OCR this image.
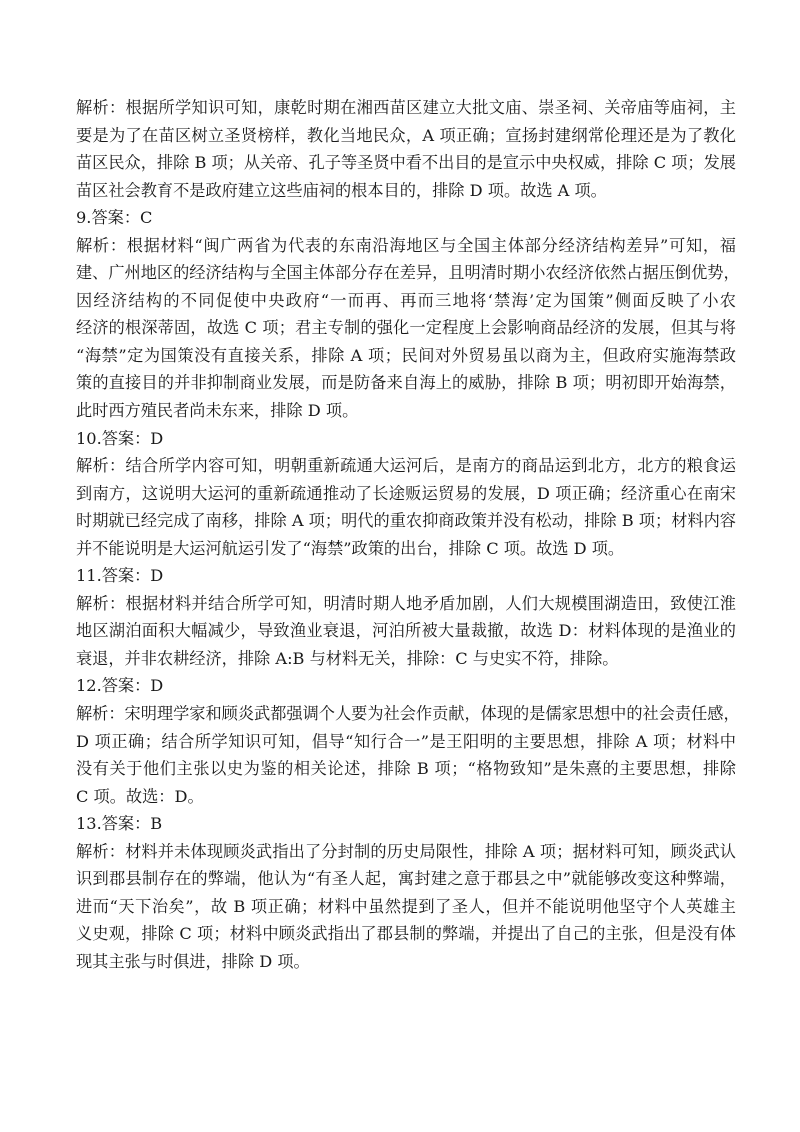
解析：根据所学知识可知，康乾时期在湘西苗区建立大批文庙、崇圣祠、关帝庙等庙祠，主
要是为了在苗区树立圣贤榜样，教化当地民众，A 项正确；宣扬封建纲常伦理还是为了教化
苗区民众，排除 B 项；从关帝、孔子等圣贤中看不出目的是宣示中央权威，排除 C 项；发展
苗区社会教育不是政府建立这些庙祠的根本目的，排除 D 项。故选 A 项。
9.答案：C
解析：根据材料“闽广两省为代表的东南沿海地区与全国主体部分经济结构差异”可知，福
建、广州地区的经济结构与全国主体部分存在差异，且明清时期小农经济依然占据压倒优势，
因经济结构的不同促使中央政府“一而再、再而三地将‘禁海’定为国策”侧面反映了小农
经济的根深蒂固，故选 C 项；君主专制的强化一定程度上会影响商品经济的发展，但其与将
“海禁”定为国策没有直接关系，排除 A 项；民间对外贸易虽以商为主，但政府实施海禁政
策的直接目的并非抑制商业发展，而是防备来自海上的威胁，排除 B 项；明初即开始海禁，
此时西方殖民者尚未东来，排除 D 项。
10.答案：D
解析：结合所学内容可知，明朝重新疏通大运河后，是南方的商品运到北方，北方的粮食运
到南方，这说明大运河的重新疏通推动了长途贩运贸易的发展，D 项正确；经济重心在南宋
时期就已经完成了南移，排除 A 项；明代的重农抑商政策并没有松动，排除 B 项；材料内容
并不能说明是大运河航运引发了“海禁”政策的出台，排除 C 项。故选 D 项。
11.答案：D
解析：根据材料并结合所学可知，明清时期人地矛盾加剧，人们大规模围湖造田，致使江淮
地区湖泊面积大幅减少，导致渔业衰退，河泊所被大量裁撤，故选 D：材料体现的是渔业的
衰退，并非农耕经济，排除 A:B 与材料无关，排除：C 与史实不符，排除。
12.答案：D
解析：宋明理学家和顾炎武都强调个人要为社会作贡献，体现的是儒家思想中的社会责任感，
D 项正确；结合所学知识可知，倡导“知行合一”是王阳明的主要思想，排除 A 项；材料中
没有关于他们主张以史为鉴的相关论述，排除 B 项；“格物致知”是朱熹的主要思想，排除
C 项。故选：D。
13.答案：B
解析：材料并未体现顾炎武指出了分封制的历史局限性，排除 A 项；据材料可知，顾炎武认
识到郡县制存在的弊端，他认为“有圣人起，寓封建之意于郡县之中”就能够改变这种弊端，
进而“天下治矣”，故 B 项正确；材料中虽然提到了圣人，但并不能说明他坚守个人英雄主
义史观，排除 C 项；材料中顾炎武指出了郡县制的弊端，并提出了自己的主张，但是没有体
现其主张与时俱进，排除 D 项。
